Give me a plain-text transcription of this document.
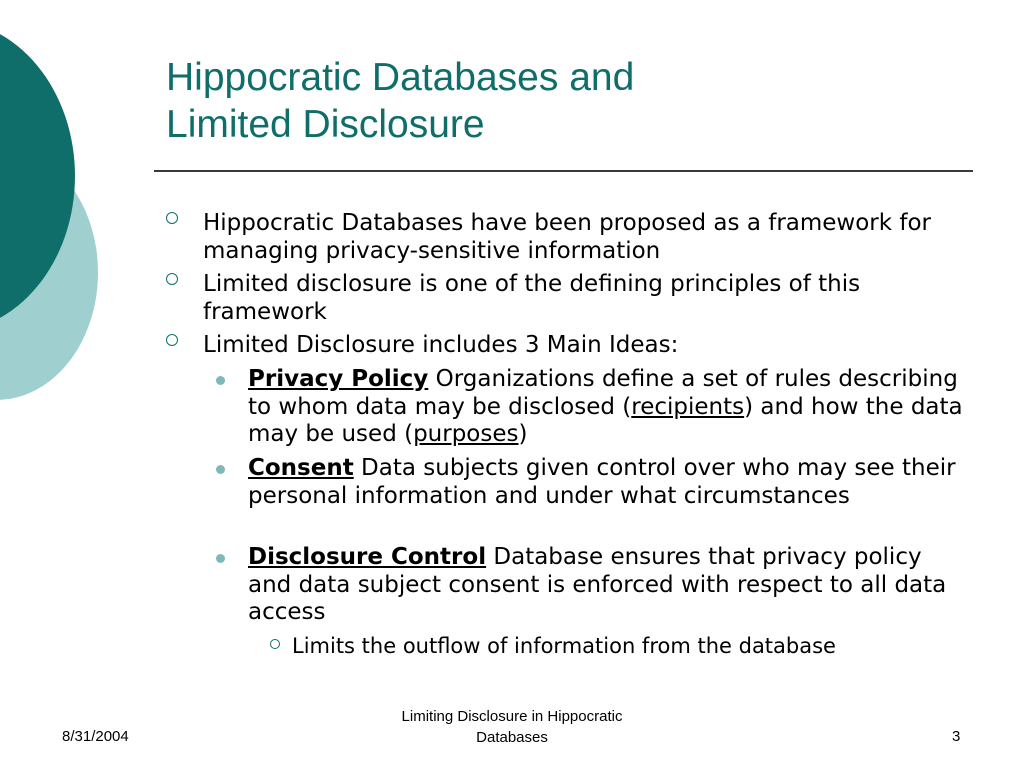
Hippocratic Databases and
Limited Disclosure
Hippocratic Databases have been proposed as a framework for managing privacy-sensitive information
Limited disclosure is one of the defining principles of this framework
Limited Disclosure includes 3 Main Ideas:
Privacy Policy Organizations define a set of rules describing to whom data may be disclosed (recipients) and how the data may be used (purposes)
Consent Data subjects given control over who may see their personal information and under what circumstances
Disclosure Control Database ensures that privacy policy and data subject consent is enforced with respect to all data access
Limits the outflow of information from the database
8/31/2004
Limiting Disclosure in Hippocratic
Databases	3
